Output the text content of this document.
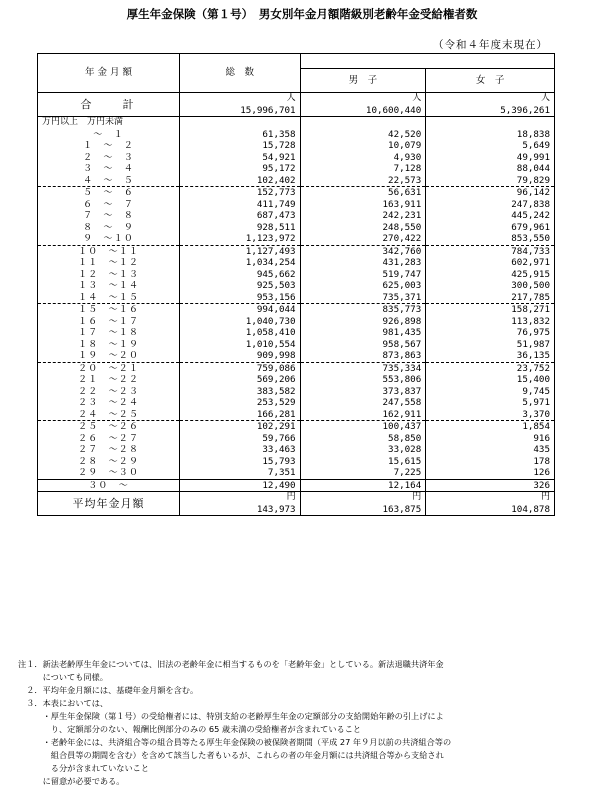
厚生年金保険（第１号）　男女別年金月額階級別老齢年金受給権者数
（令和４年度末現在）
年 金 月 額	総　数		
		男　子	女　子
合　　計	人	人	人
	15,996,701	10,600,440	5,396,261
万円以上　万円未満			
～　１	61,358	42,520	18,838
１　～　２	15,728	10,079	5,649
２　～　３	54,921	4,930	49,991
３　～　４	95,172	7,128	88,044
４　～　５	102,402	22,573	79,829
５　～　６	152,773	56,631	96,142
６　～　７	411,749	163,911	247,838
７　～　８	687,473	242,231	445,242
８　～　９	928,511	248,550	679,961
９　～１０	1,123,972	270,422	853,550
１０　～１１	1,127,493	342,760	784,733
１１　～１２	1,034,254	431,283	602,971
１２　～１３	945,662	519,747	425,915
１３　～１４	925,503	625,003	300,500
１４　～１５	953,156	735,371	217,785
１５　～１６	994,044	835,773	158,271
１６　～１７	1,040,730	926,898	113,832
１７　～１８	1,058,410	981,435	76,975
１８　～１９	1,010,554	958,567	51,987
１９　～２０	909,998	873,863	36,135
２０　～２１	759,086	735,334	23,752
２１　～２２	569,206	553,806	15,400
２２　～２３	383,582	373,837	9,745
２３　～２４	253,529	247,558	5,971
２４　～２５	166,281	162,911	3,370
２５　～２６	102,291	100,437	1,854
２６　～２７	59,766	58,850	916
２７　～２８	33,463	33,028	435
２８　～２９	15,793	15,615	178
２９　～３０	7,351	7,225	126
３０　～	12,490	12,164	326
平均年金月額	円	円	円
	143,973	163,875	104,878
注１．新法老齢厚生年金については、旧法の老齢年金に相当するものを「老齢年金」としている。新法退職共済年金
　　　についても同様。
　２．平均年金月額には、基礎年金月額を含む。
　３．本表においては、
　　　・厚生年金保険（第１号）の受給権者には、特別支給の老齢厚生年金の定額部分の支給開始年齢の引上げによ
　　　　り、定額部分のない、報酬比例部分のみの 65 歳未満の受給権者が含まれていること
　　　・老齢年金には、共済組合等の組合員等たる厚生年金保険の被保険者期間（平成 27 年９月以前の共済組合等の
　　　　組合員等の期間を含む）を含めて該当した者もいるが、これらの者の年金月額には共済組合等から支給され
　　　　る分が含まれていないこと
　　　に留意が必要である。
